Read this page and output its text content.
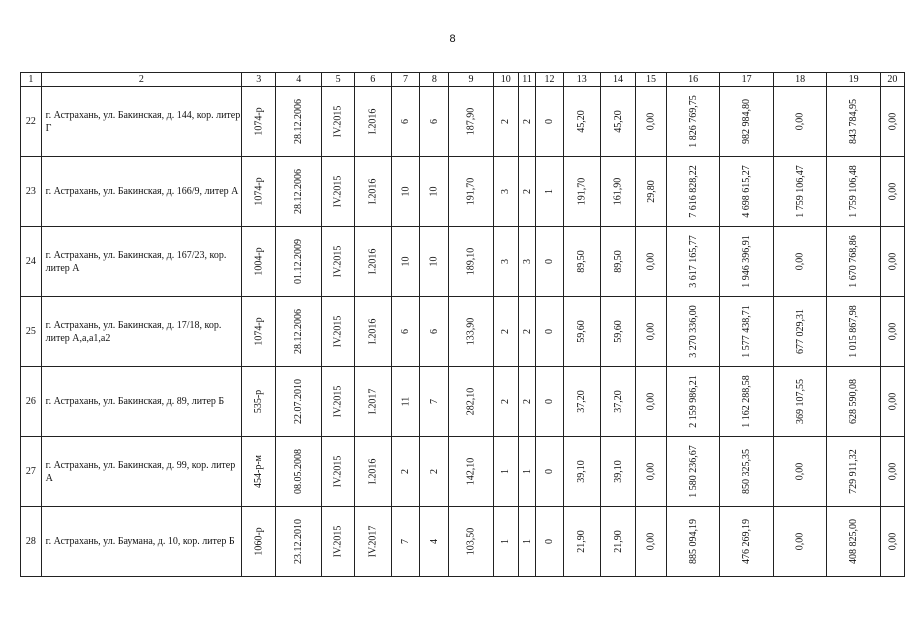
8
1	2	3	4	5	6	7	8	9	10	11	12	13	14	15	16	17	18	19	20
22	г. Астрахань, ул. Бакинская, д. 144, кор. литер Г	1074-р	28.12.2006	IV.2015	I.2016	6	6	187,90	2	2	0	45,20	45,20	0,00	1 826 769,75	982 984,80	0,00	843 784,95	0,00
23	г. Астрахань, ул. Бакинская, д. 166/9, литер А	1074-р	28.12.2006	IV.2015	I.2016	10	10	191,70	3	2	1	191,70	161,90	29,80	7 616 828,22	4 698 615,27	1 759 106,47	1 759 106,48	0,00
24	г. Астрахань, ул. Бакинская, д. 167/23, кор. литер А	1004-р	01.12.2009	IV.2015	I.2016	10	10	189,10	3	3	0	89,50	89,50	0,00	3 617 165,77	1 946 396,91	0,00	1 670 768,86	0,00
25	г. Астрахань, ул. Бакинская, д. 17/18, кор. литер А,а,а1,а2	1074-р	28.12.2006	IV.2015	I.2016	6	6	133,90	2	2	0	59,60	59,60	0,00	3 270 336,00	1 577 438,71	677 029,31	1 015 867,98	0,00
26	г. Астрахань, ул. Бакинская, д. 89, литер Б	535-р	22.07.2010	IV.2015	I.2017	11	7	282,10	2	2	0	37,20	37,20	0,00	2 159 986,21	1 162 288,58	369 107,55	628 590,08	0,00
27	г. Астрахань, ул. Бакинская, д. 99, кор. литер А	454-р-м	08.05.2008	IV.2015	I.2016	2	2	142,10	1	1	0	39,10	39,10	0,00	1 580 236,67	850 325,35	0,00	729 911,32	0,00
28	г. Астрахань, ул. Баумана, д. 10, кор. литер Б	1060-р	23.12.2010	IV.2015	IV.2017	7	4	103,50	1	1	0	21,90	21,90	0,00	885 094,19	476 269,19	0,00	408 825,00	0,00
